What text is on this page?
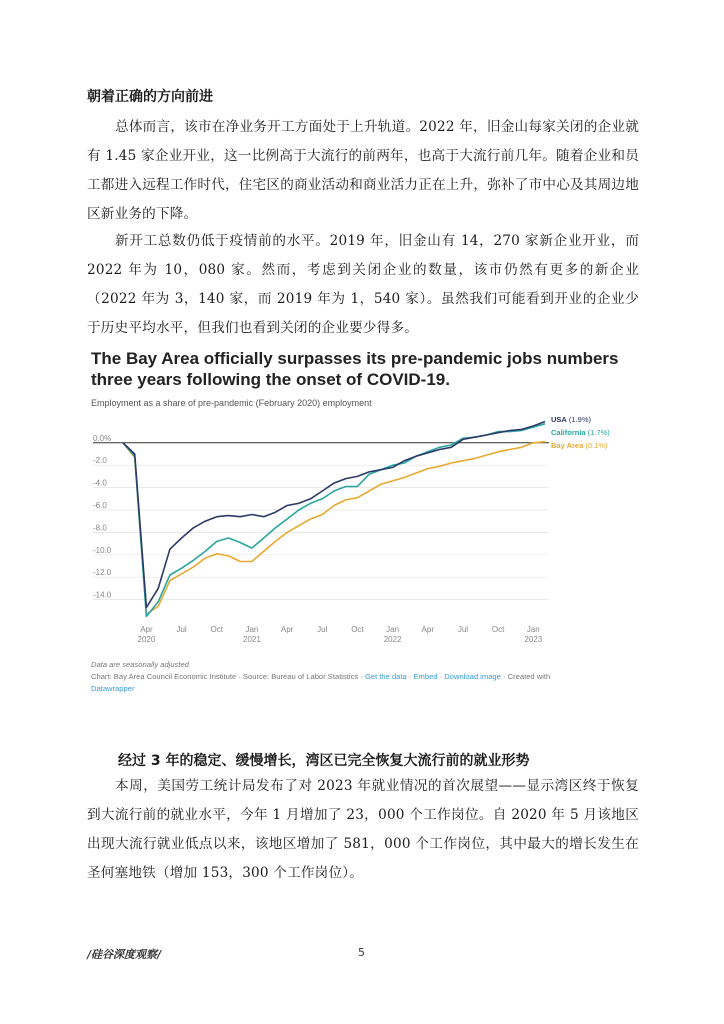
朝着正确的方向前进
总体而言，该市在净业务开工方面处于上升轨道。2022 年，旧金山每家关闭的企业就有 1.45 家企业开业，这一比例高于大流行的前两年，也高于大流行前几年。随着企业和员工都进入远程工作时代，住宅区的商业活动和商业活力正在上升，弥补了市中心及其周边地区新业务的下降。
新开工总数仍低于疫情前的水平。2019 年，旧金山有 14，270 家新企业开业，而 2022 年为 10，080 家。然而，考虑到关闭企业的数量，该市仍然有更多的新企业（2022 年为 3，140 家，而 2019 年为 1，540 家）。虽然我们可能看到开业的企业少于历史平均水平，但我们也看到关闭的企业要少得多。
The Bay Area officially surpasses its pre-pandemic jobs numbers three years following the onset of COVID-19.
Employment as a share of pre-pandemic (February 2020) employment
0.0%
-2.0
-4.0
-6.0
-8.0
-10.0
-12.0
-14.0
Apr
2020
Jul	Oct	Jan
2021
Apr	Jul	Oct	Jan
2022
Apr	Jul	Oct	Jan
2023
USA (1.9%)
California (1.7%)
Bay Area (0.1%)
Data are seasonally adjusted
Chart: Bay Area Council Economic Institute · Source: Bureau of Labor Statistics · Get the data · Embed · Download image · Created with
Datawrapper
经过 3 年的稳定、缓慢增长，湾区已完全恢复大流行前的就业形势
本周，美国劳工统计局发布了对 2023 年就业情况的首次展望——显示湾区终于恢复到大流行前的就业水平，今年 1 月增加了 23，000 个工作岗位。自 2020 年 5 月该地区出现大流行就业低点以来，该地区增加了 581，000 个工作岗位，其中最大的增长发生在圣何塞地铁（增加 153，300 个工作岗位）。
/硅谷深度观察/	5
